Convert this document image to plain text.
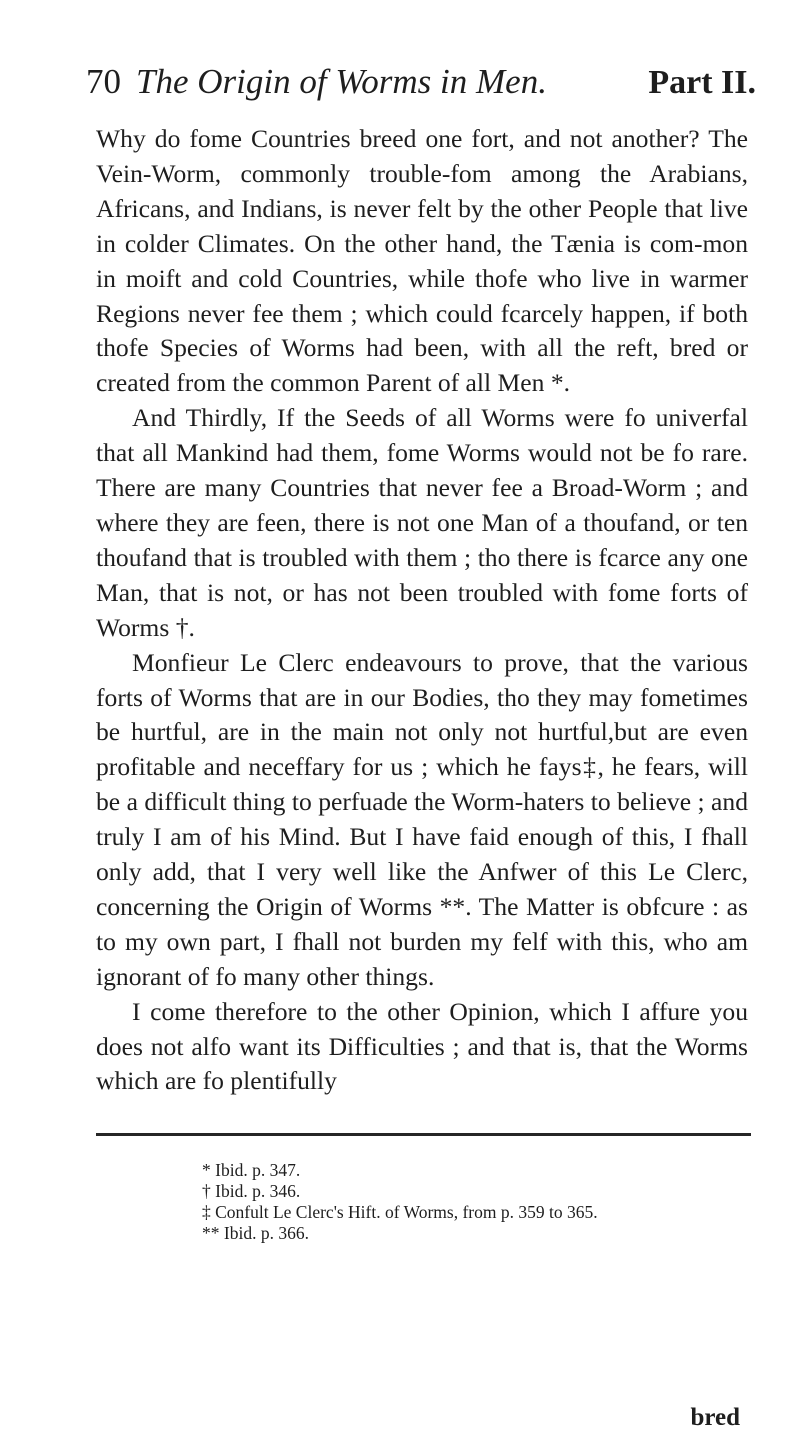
70 The Origin of Worms in Men.	Part II.

Why do fome Countries breed one fort, and not another? The Vein-Worm, commonly trouble-fom among the Arabians, Africans, and Indians, is never felt by the other People that live in colder Climates. On the other hand, the Tænia is com-mon in moift and cold Countries, while thofe who live in warmer Regions never fee them ; which could fcarcely happen, if both thofe Species of Worms had been, with all the reft, bred or created from the common Parent of all Men *.

And Thirdly, If the Seeds of all Worms were fo univerfal that all Mankind had them, fome Worms would not be fo rare. There are many Countries that never fee a Broad-Worm ; and where they are feen, there is not one Man of a thoufand, or ten thoufand that is troubled with them ; tho there is fcarce any one Man, that is not, or has not been troubled with fome forts of Worms †.

Monfieur Le Clerc endeavours to prove, that the various forts of Worms that are in our Bodies, tho they may fometimes be hurtful, are in the main not only not hurtful,but are even profitable and neceffary for us ; which he fays‡, he fears, will be a difficult thing to perfuade the Worm-haters to believe ; and truly I am of his Mind. But I have faid enough of this, I fhall only add, that I very well like the Anfwer of this Le Clerc, concerning the Origin of Worms **. The Matter is obfcure : as to my own part, I fhall not burden my felf with this, who am ignorant of fo many other things.

I come therefore to the other Opinion, which I affure you does not alfo want its Difficulties ; and that is, that the Worms which are fo plentifully

* Ibid. p. 347.
† Ibid. p. 346.
‡ Confult Le Clerc's Hift. of Worms, from p. 359 to 365.
** Ibid. p. 366.
bred
